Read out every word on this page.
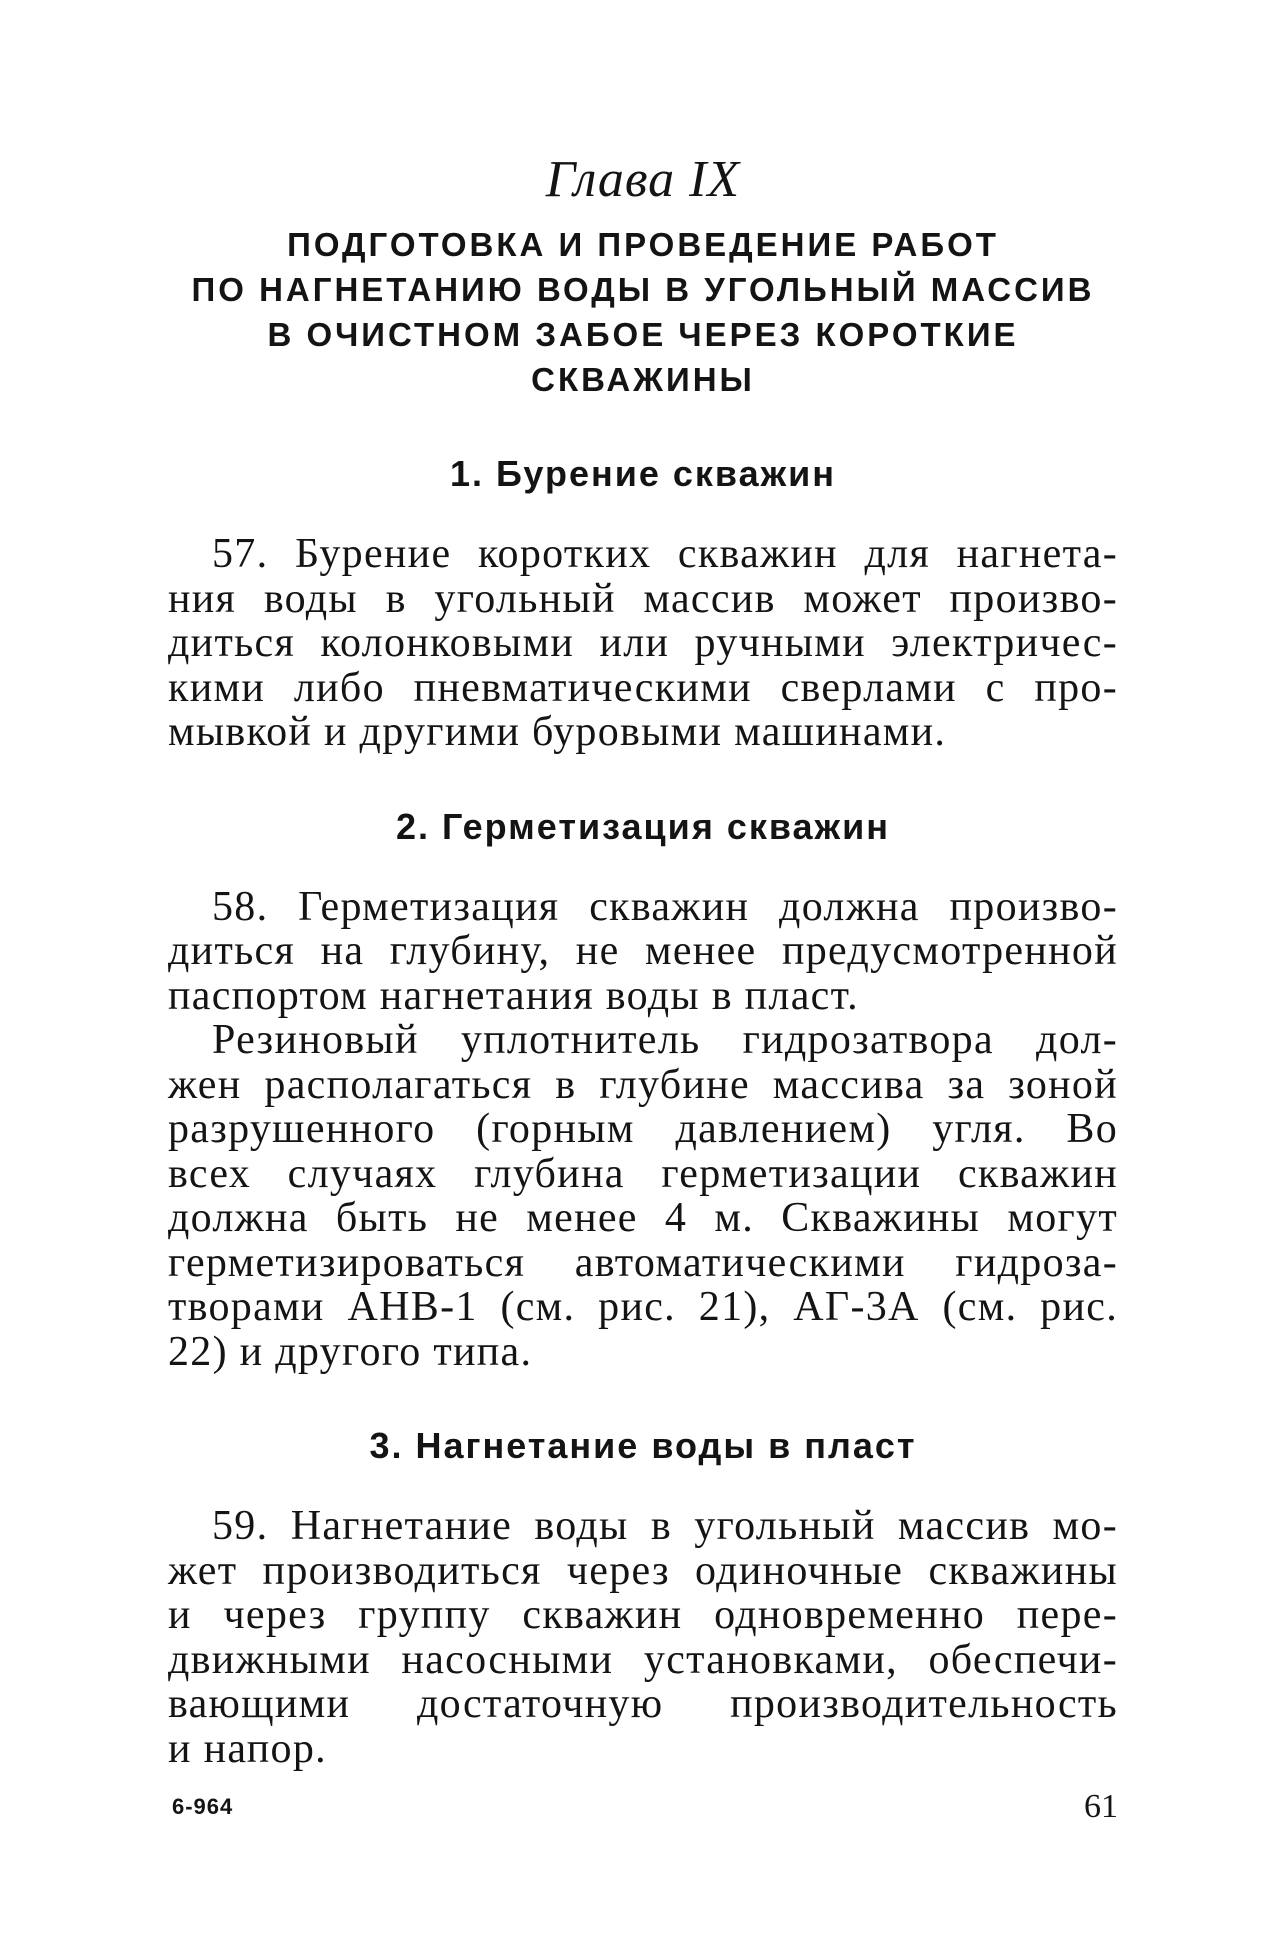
Глава IX
ПОДГОТОВКА И ПРОВЕДЕНИЕ РАБОТ
ПО НАГНЕТАНИЮ ВОДЫ В УГОЛЬНЫЙ МАССИВ
В ОЧИСТНОМ ЗАБОЕ ЧЕРЕЗ КОРОТКИЕ
СКВАЖИНЫ
1. Бурение скважин
57. Бурение коротких скважин для нагнета-
ния воды в угольный массив может произво-
диться колонковыми или ручными электричес-
кими либо пневматическими сверлами с про-
мывкой и другими буровыми машинами.
2. Герметизация скважин
58. Герметизация скважин должна произво-
диться на глубину, не менее предусмотренной
паспортом нагнетания воды в пласт.
Резиновый уплотнитель гидрозатвора дол-
жен располагаться в глубине массива за зоной
разрушенного (горным давлением) угля. Во
всех случаях глубина герметизации скважин
должна быть не менее 4 м. Скважины могут
герметизироваться автоматическими гидроза-
творами АНВ-1 (см. рис. 21), АГ-3А (см. рис.
22) и другого типа.
3. Нагнетание воды в пласт
59. Нагнетание воды в угольный массив мо-
жет производиться через одиночные скважины
и через группу скважин одновременно пере-
движными насосными установками, обеспечи-
вающими достаточную производительность
и напор.
6-964	61
